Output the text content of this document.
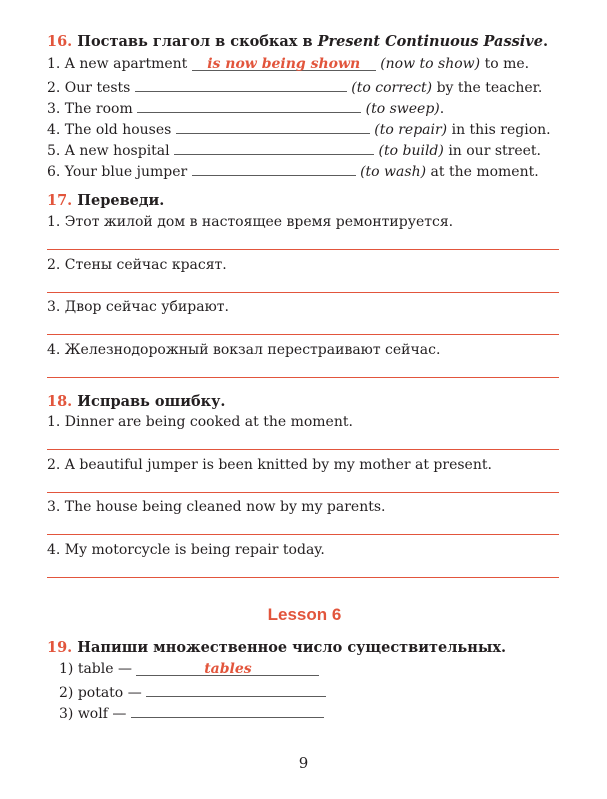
16. Поставь глагол в скобках в Present Continuous Passive.

1. A new apartment is now being shown (now to show) to me.
2. Our tests	(to correct) by the teacher.
3. The room	(to sweep).
4. The old houses	(to repair) in this region.
5. A new hospital	(to build) in our street.
6. Your blue jumper	(to wash) at the moment.

17. Переведи.

1. Этот жилой дом в настоящее время ремонтируется.
2. Стены сейчас красят.
3. Двор сейчас убирают.
4. Железнодорожный вокзал перестраивают сейчас.

18. Исправь ошибку.

1. Dinner are being cooked at the moment.
2. A beautiful jumper is been knitted by my mother at present.
3. The house being cleaned now by my parents.
4. My motorcycle is being repair today.
Lesson 6

19. Напиши множественное число существительных.

1) table —	tables
2) potato —
3) wolf —
9
